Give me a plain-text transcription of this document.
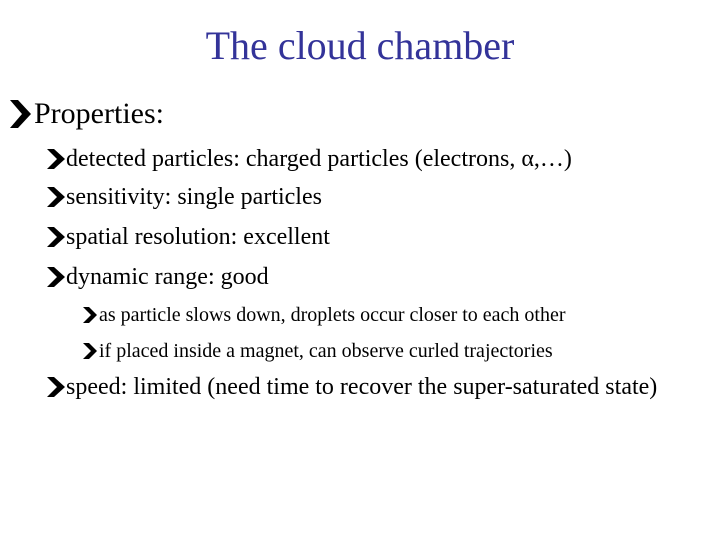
The cloud chamber
Properties:
detected particles: charged particles (electrons, α,…)
sensitivity: single particles
spatial resolution: excellent
dynamic range: good
as particle slows down, droplets occur closer to each other
if placed inside a magnet, can observe curled trajectories
speed: limited (need time to recover the super-saturated state)
